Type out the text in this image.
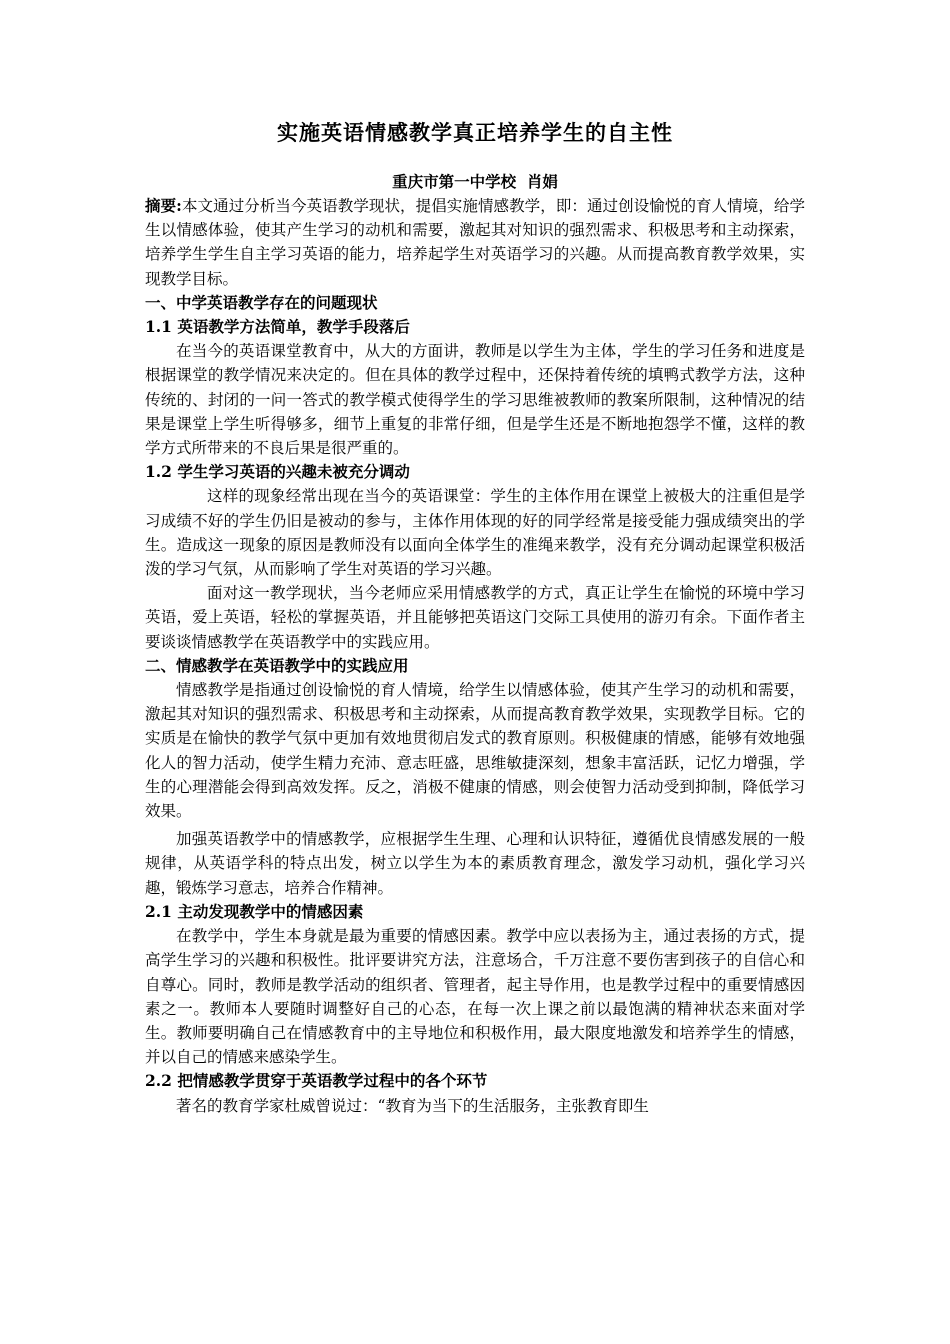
实施英语情感教学真正培养学生的自主性

重庆市第一中学校  肖娟

摘要:本文通过分析当今英语教学现状，提倡实施情感教学，即：通过创设愉悦的育人情境，给学生以情感体验，使其产生学习的动机和需要，激起其对知识的强烈需求、积极思考和主动探索，培养学生学生自主学习英语的能力，培养起学生对英语学习的兴趣。从而提高教育教学效果，实现教学目标。

一、中学英语教学存在的问题现状

1.1 英语教学方法简单，教学手段落后

在当今的英语课堂教育中，从大的方面讲，教师是以学生为主体，学生的学习任务和进度是根据课堂的教学情况来决定的。但在具体的教学过程中，还保持着传统的填鸭式教学方法，这种传统的、封闭的一问一答式的教学模式使得学生的学习思维被教师的教案所限制，这种情况的结果是课堂上学生听得够多，细节上重复的非常仔细，但是学生还是不断地抱怨学不懂，这样的教学方式所带来的不良后果是很严重的。

1.2 学生学习英语的兴趣未被充分调动

这样的现象经常出现在当今的英语课堂：学生的主体作用在课堂上被极大的注重但是学习成绩不好的学生仍旧是被动的参与，主体作用体现的好的同学经常是接受能力强成绩突出的学生。造成这一现象的原因是教师没有以面向全体学生的准绳来教学，没有充分调动起课堂积极活泼的学习气氛，从而影响了学生对英语的学习兴趣。

面对这一教学现状，当今老师应采用情感教学的方式，真正让学生在愉悦的环境中学习英语，爱上英语，轻松的掌握英语，并且能够把英语这门交际工具使用的游刃有余。下面作者主要谈谈情感教学在英语教学中的实践应用。

二、情感教学在英语教学中的实践应用

情感教学是指通过创设愉悦的育人情境，给学生以情感体验，使其产生学习的动机和需要，激起其对知识的强烈需求、积极思考和主动探索，从而提高教育教学效果，实现教学目标。它的实质是在愉快的教学气氛中更加有效地贯彻启发式的教育原则。积极健康的情感，能够有效地强化人的智力活动，使学生精力充沛、意志旺盛，思维敏捷深刻，想象丰富活跃，记忆力增强，学生的心理潜能会得到高效发挥。反之，消极不健康的情感，则会使智力活动受到抑制，降低学习效果。

加强英语教学中的情感教学，应根据学生生理、心理和认识特征，遵循优良情感发展的一般规律，从英语学科的特点出发，树立以学生为本的素质教育理念，激发学习动机，强化学习兴趣，锻炼学习意志，培养合作精神。

2.1 主动发现教学中的情感因素

在教学中，学生本身就是最为重要的情感因素。教学中应以表扬为主，通过表扬的方式，提高学生学习的兴趣和积极性。批评要讲究方法，注意场合，千万注意不要伤害到孩子的自信心和自尊心。同时，教师是教学活动的组织者、管理者，起主导作用，也是教学过程中的重要情感因素之一。教师本人要随时调整好自己的心态，在每一次上课之前以最饱满的精神状态来面对学生。教师要明确自己在情感教育中的主导地位和积极作用，最大限度地激发和培养学生的情感，并以自己的情感来感染学生。

2.2 把情感教学贯穿于英语教学过程中的各个环节

著名的教育学家杜威曾说过：“教育为当下的生活服务，主张教育即生
